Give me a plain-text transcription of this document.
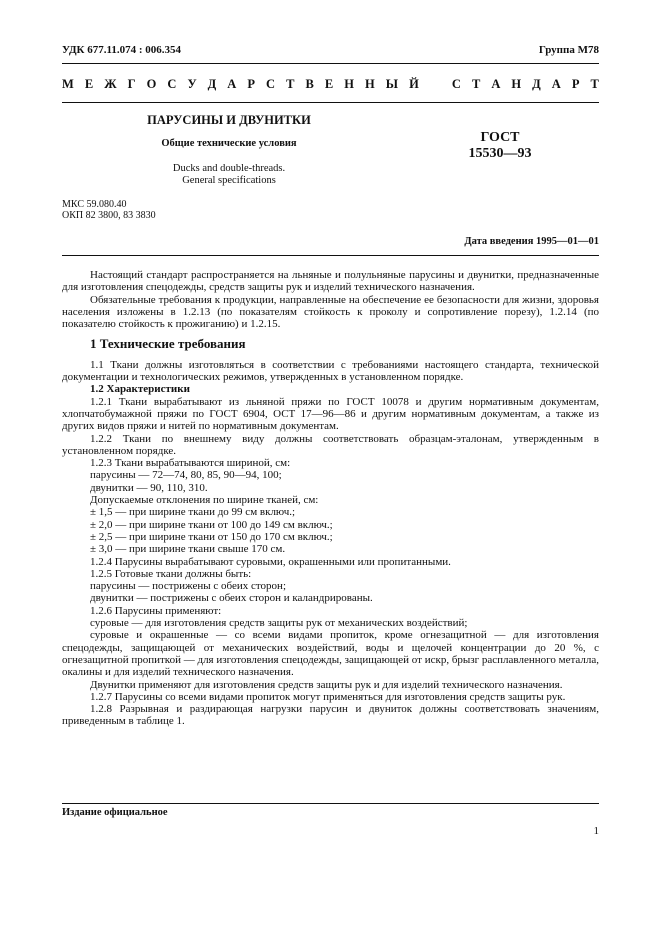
УДК 677.11.074 : 006.354	Группа М78
М Е Ж Г О С У Д А Р С Т В Е Н Н Ы Й	С Т А Н Д А Р Т
ПАРУСИНЫ И ДВУНИТКИ
Общие технические условия
Ducks and double-threads.
General specifications
ГОСТ
15530—93
МКС 59.080.40
ОКП 82 3800, 83 3830
Дата введения 1995—01—01

Настоящий стандарт распространяется на льняные и полульняные парусины и двунитки, предназначенные для изготовления спецодежды, средств защиты рук и изделий технического назначения.

Обязательные требования к продукции, направленные на обеспечение ее безопасности для жизни, здоровья населения изложены в 1.2.13 (по показателям стойкость к проколу и сопротивление порезу), 1.2.14 (по показателю стойкость к прожиганию) и 1.2.15.

1 Технические требования

1.1 Ткани должны изготовляться в соответствии с требованиями настоящего стандарта, технической документации и технологических режимов, утвержденных в установленном порядке.

1.2 Характеристики

1.2.1 Ткани вырабатывают из льняной пряжи по ГОСТ 10078 и другим нормативным документам, хлопчатобумажной пряжи по ГОСТ 6904, ОСТ 17—96—86 и другим нормативным документам, а также из других видов пряжи и нитей по нормативным документам.

1.2.2 Ткани по внешнему виду должны соответствовать образцам-эталонам, утвержденным в установленном порядке.

1.2.3 Ткани вырабатываются шириной, см:

парусины — 72—74, 80, 85, 90—94, 100;

двунитки — 90, 110, 310.

Допускаемые отклонения по ширине тканей, см:

± 1,5 — при ширине ткани до 99 см включ.;

± 2,0 — при ширине ткани от 100 до 149 см включ.;

± 2,5 — при ширине ткани от 150 до 170 см включ.;

± 3,0 — при ширине ткани свыше 170 см.

1.2.4 Парусины вырабатывают суровыми, окрашенными или пропитанными.

1.2.5 Готовые ткани должны быть:

парусины — пострижены с обеих сторон;

двунитки — пострижены с обеих сторон и каландрированы.

1.2.6 Парусины применяют:

суровые — для изготовления средств защиты рук от механических воздействий;

суровые и окрашенные — со всеми видами пропиток, кроме огнезащитной — для изготовления спецодежды, защищающей от механических воздействий, воды и щелочей концентрации до 20 %, с огнезащитной пропиткой — для изготовления спецодежды, защищающей от искр, брызг расплавленного металла, окалины и для изделий технического назначения.

Двунитки применяют для изготовления средств защиты рук и для изделий технического назначения.

1.2.7 Парусины со всеми видами пропиток могут применяться для изготовления средств защиты рук.

1.2.8 Разрывная и раздирающая нагрузки парусин и двуниток должны соответствовать значениям, приведенным в таблице 1.

Издание официальное
1
